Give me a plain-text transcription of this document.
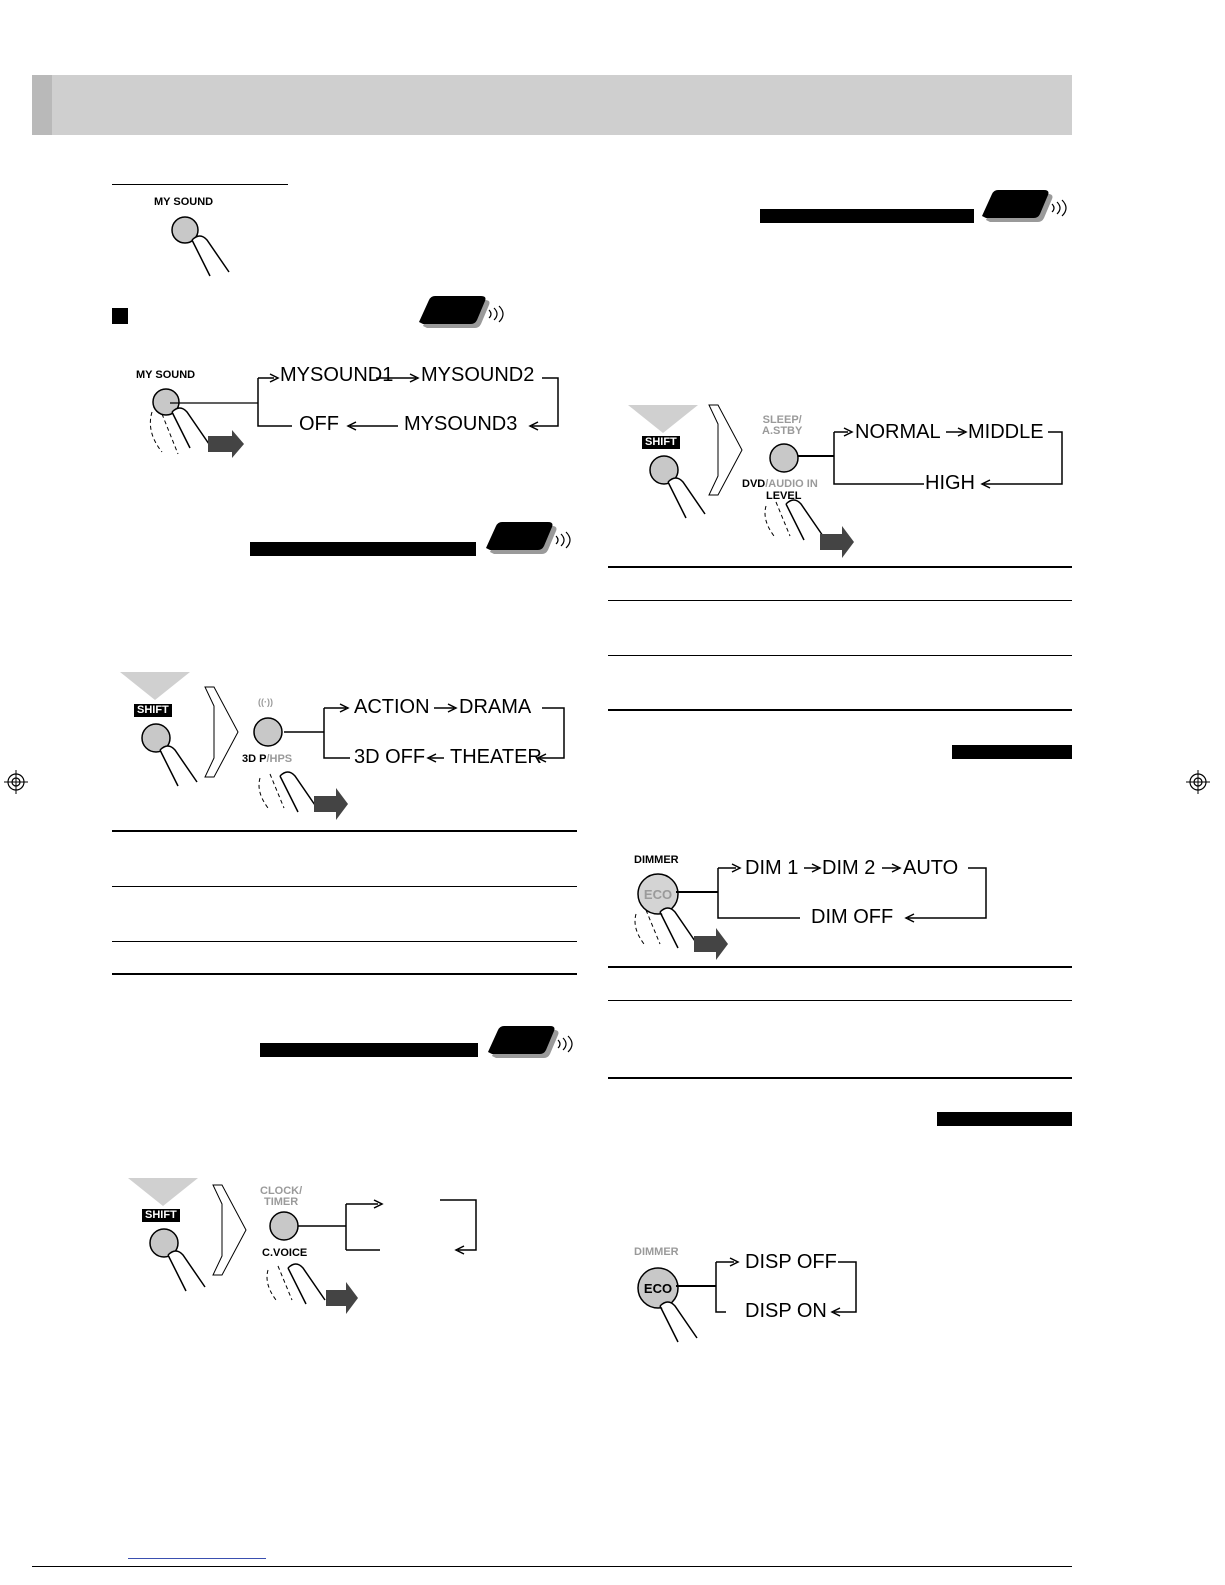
MY SOUND
MY SOUND	MYSOUND1 MYSOUND2
OFF	MYSOUND3
SHIFT
((·))
3D P/HPS
ACTION DRAMA
3D OFF THEATER
SHIFT
CLOCK/
TIMER
C.VOICE
SHIFT
SLEEP/
A.STBY
DVD/AUDIO IN
LEVEL
NORMAL MIDDLE
HIGH
DIMMER
ECO
DIM 1 DIM 2 AUTO
DIM OFF
DIMMER
ECO
DISP OFF
DISP ON
